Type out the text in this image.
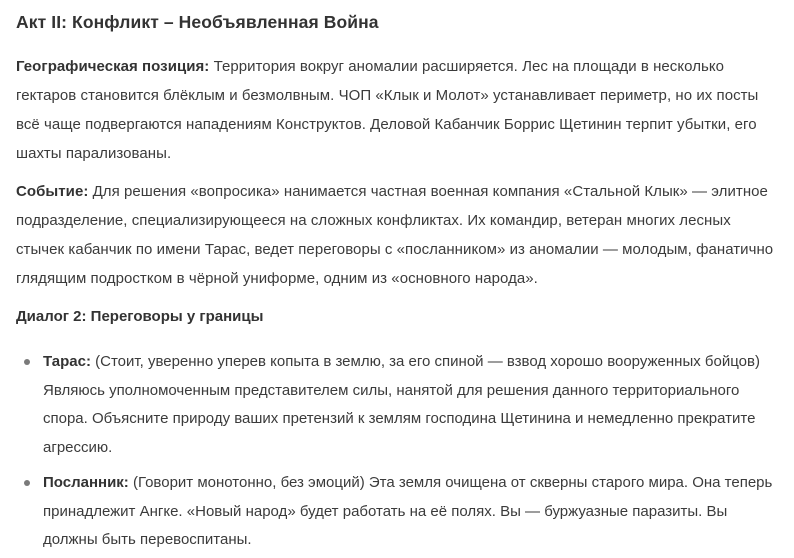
Акт II: Конфликт – Необъявленная Война

Географическая позиция: Территория вокруг аномалии расширяется. Лес на площади в несколько гектаров становится блёклым и безмолвным. ЧОП «Клык и Молот» устанавливает периметр, но их посты всё чаще подвергаются нападениям Конструктов. Деловой Кабанчик Боррис Щетинин терпит убытки, его шахты парализованы.

Событие: Для решения «вопросика» нанимается частная военная компания «Стальной Клык» — элитное подразделение, специализирующееся на сложных конфликтах. Их командир, ветеран многих лесных стычек кабанчик по имени Тарас, ведет переговоры с «посланником» из аномалии — молодым, фанатично глядящим подростком в чёрной униформе, одним из «основного народа».

Диалог 2: Переговоры у границы
Тарас: (Стоит, уверенно уперев копыта в землю, за его спиной — взвод хорошо вооруженных бойцов) Являюсь уполномоченным представителем силы, нанятой для решения данного территориального спора. Объясните природу ваших претензий к землям господина Щетинина и немедленно прекратите агрессию.
Посланник: (Говорит монотонно, без эмоций) Эта земля очищена от скверны старого мира. Она теперь принадлежит Ангке. «Новый народ» будет работать на её полях. Вы — буржуазные паразиты. Вы должны быть перевоспитаны.
